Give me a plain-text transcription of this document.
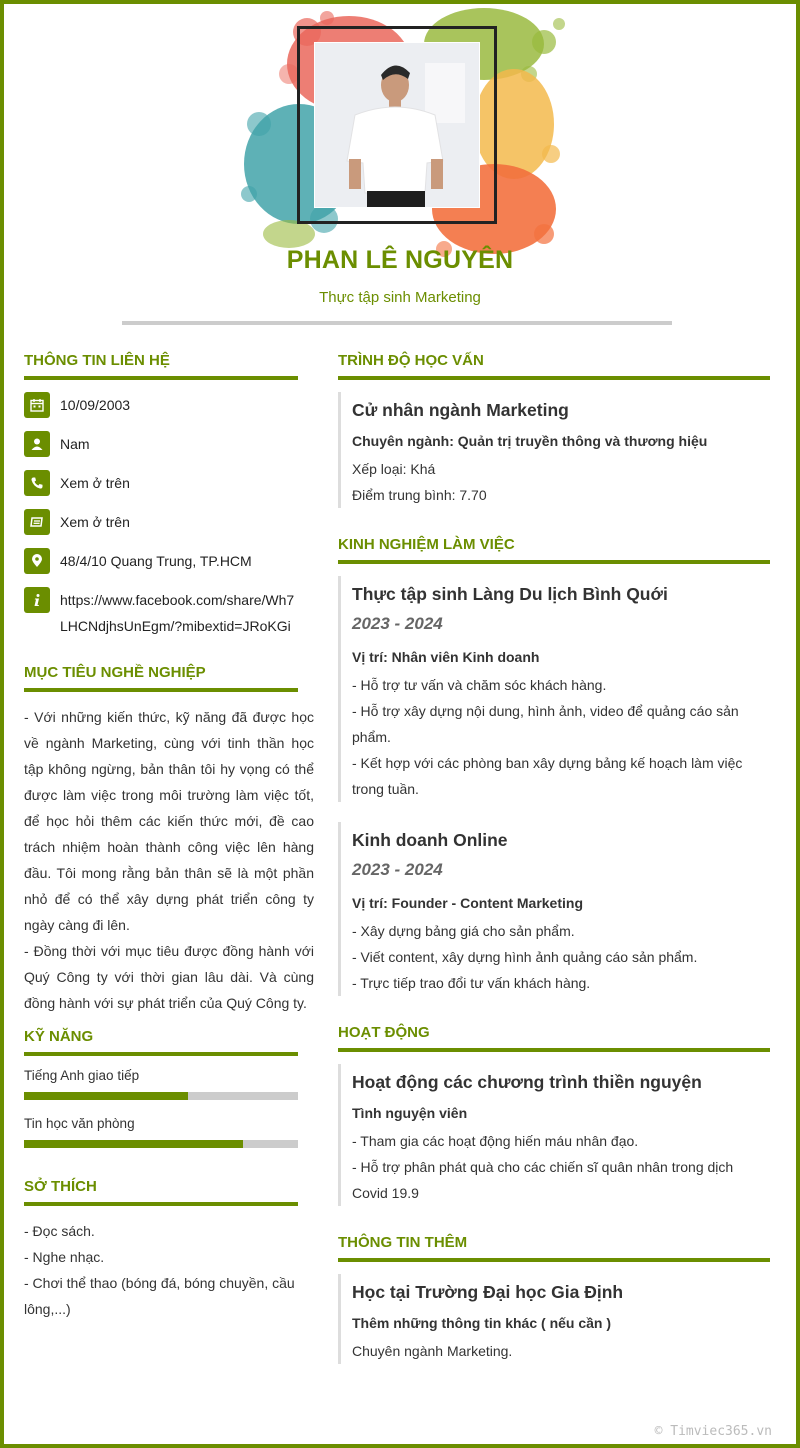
PHAN LÊ NGUYÊN
Thực tập sinh Marketing
THÔNG TIN LIÊN HỆ
10/09/2003
Nam
Xem ở trên
Xem ở trên
48/4/10 Quang Trung, TP.HCM
https://www.facebook.com/share/Wh7LHCNdjhsUnEgm/?mibextid=JRoKGi
MỤC TIÊU NGHỀ NGHIỆP

- Với những kiến thức, kỹ năng đã được học về ngành Marketing, cùng với tinh thần học tập không ngừng, bản thân tôi hy vọng có thể được làm việc trong môi trường làm việc tốt, để học hỏi thêm các kiến thức mới, đề cao trách nhiệm hoàn thành công việc lên hàng đầu. Tôi mong rằng bản thân sẽ là một phần nhỏ để có thể xây dựng phát triển công ty ngày càng đi lên.

- Đồng thời với mục tiêu được đồng hành với Quý Công ty với thời gian lâu dài. Và cùng đồng hành với sự phát triển của Quý Công ty.

KỸ NĂNG
Tiếng Anh giao tiếp
Tin học văn phòng
SỞ THÍCH
- Đọc sách.
- Nghe nhạc.
- Chơi thể thao (bóng đá, bóng chuyền, cầu lông,...)
TRÌNH ĐỘ HỌC VẤN
Cử nhân ngành Marketing
Chuyên ngành: Quản trị truyền thông và thương hiệu
Xếp loại: Khá
Điểm trung bình: 7.70
KINH NGHIỆM LÀM VIỆC
Thực tập sinh Làng Du lịch Bình Quới
2023 - 2024
Vị trí: Nhân viên Kinh doanh
- Hỗ trợ tư vấn và chăm sóc khách hàng.
- Hỗ trợ xây dựng nội dung, hình ảnh, video để quảng cáo sản phẩm.
- Kết hợp với các phòng ban xây dựng bảng kế hoạch làm việc trong tuần.
Kinh doanh Online
2023 - 2024
Vị trí: Founder - Content Marketing
- Xây dựng bảng giá cho sản phẩm.
- Viết content, xây dựng hình ảnh quảng cáo sản phẩm.
- Trực tiếp trao đổi tư vấn khách hàng.
HOẠT ĐỘNG
Hoạt động các chương trình thiền nguyện
Tình nguyện viên
- Tham gia các hoạt động hiến máu nhân đạo.
- Hỗ trợ phân phát quà cho các chiến sĩ quân nhân trong dịch Covid 19.9
THÔNG TIN THÊM
Học tại Trường Đại học Gia Định
Thêm những thông tin khác ( nếu cần )
Chuyên ngành Marketing.
© Timviec365.vn
